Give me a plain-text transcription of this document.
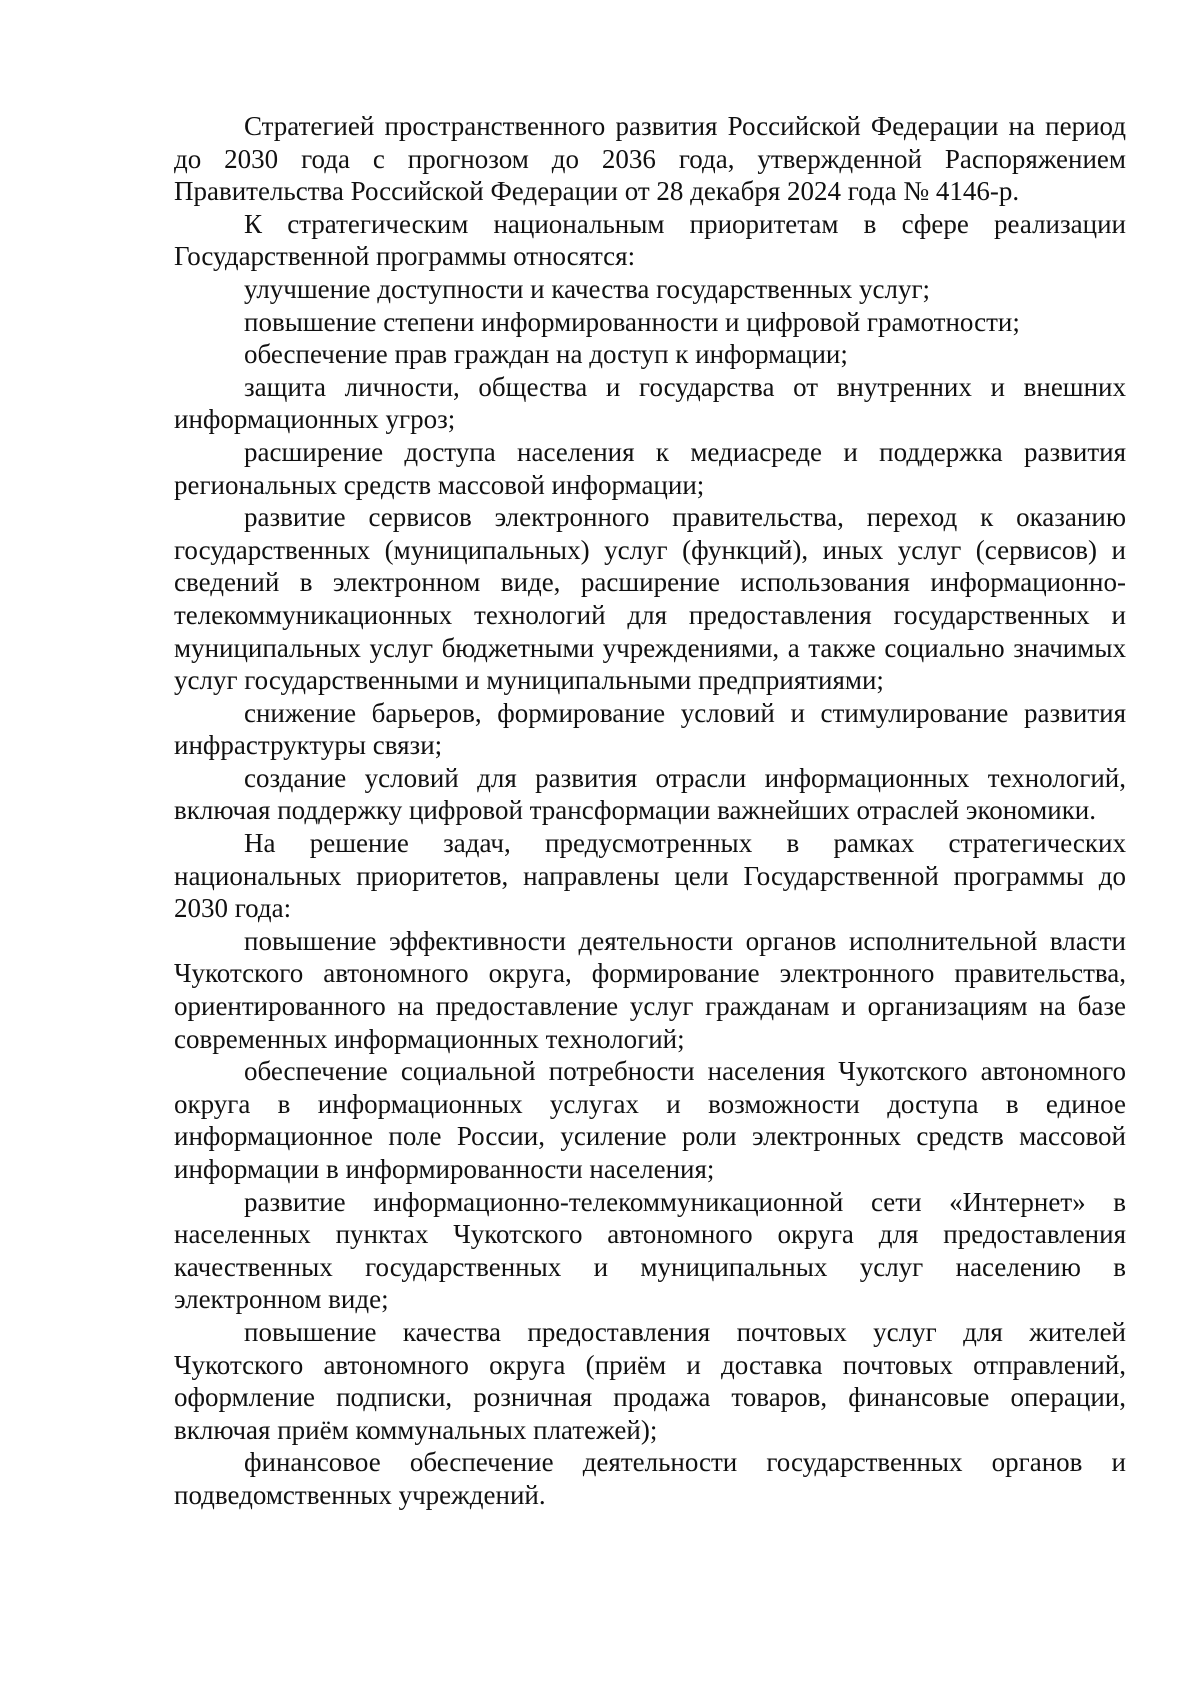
Стратегией пространственного развития Российской Федерации на период до 2030 года с прогнозом до 2036 года, утвержденной Распоряжением Правительства Российской Федерации от 28 декабря 2024 года № 4146-р.

К стратегическим национальным приоритетам в сфере реализации Государственной программы относятся:

улучшение доступности и качества государственных услуг;

повышение степени информированности и цифровой грамотности;

обеспечение прав граждан на доступ к информации;

защита личности, общества и государства от внутренних и внешних информационных угроз;

расширение доступа населения к медиасреде и поддержка развития региональных средств массовой информации;

развитие сервисов электронного правительства, переход к оказанию государственных (муниципальных) услуг (функций), иных услуг (сервисов) и сведений в электронном виде, расширение использования информационно-телекоммуникационных технологий для предоставления государственных и муниципальных услуг бюджетными учреждениями, а также социально значимых услуг государственными и муниципальными предприятиями;

снижение барьеров, формирование условий и стимулирование развития инфраструктуры связи;

создание условий для развития отрасли информационных технологий, включая поддержку цифровой трансформации важнейших отраслей экономики.

На решение задач, предусмотренных в рамках стратегических национальных приоритетов, направлены цели Государственной программы до 2030 года:

повышение эффективности деятельности органов исполнительной власти Чукотского автономного округа, формирование электронного правительства, ориентированного на предоставление услуг гражданам и организациям на базе современных информационных технологий;

обеспечение социальной потребности населения Чукотского автономного округа в информационных услугах и возможности доступа в единое информационное поле России, усиление роли электронных средств массовой информации в информированности населения;

развитие информационно-телекоммуникационной сети «Интернет» в населенных пунктах Чукотского автономного округа для предоставления качественных государственных и муниципальных услуг населению в электронном виде;

повышение качества предоставления почтовых услуг для жителей Чукотского автономного округа (приём и доставка почтовых отправлений, оформление подписки, розничная продажа товаров, финансовые операции, включая приём коммунальных платежей);

финансовое обеспечение деятельности государственных органов и подведомственных учреждений.
